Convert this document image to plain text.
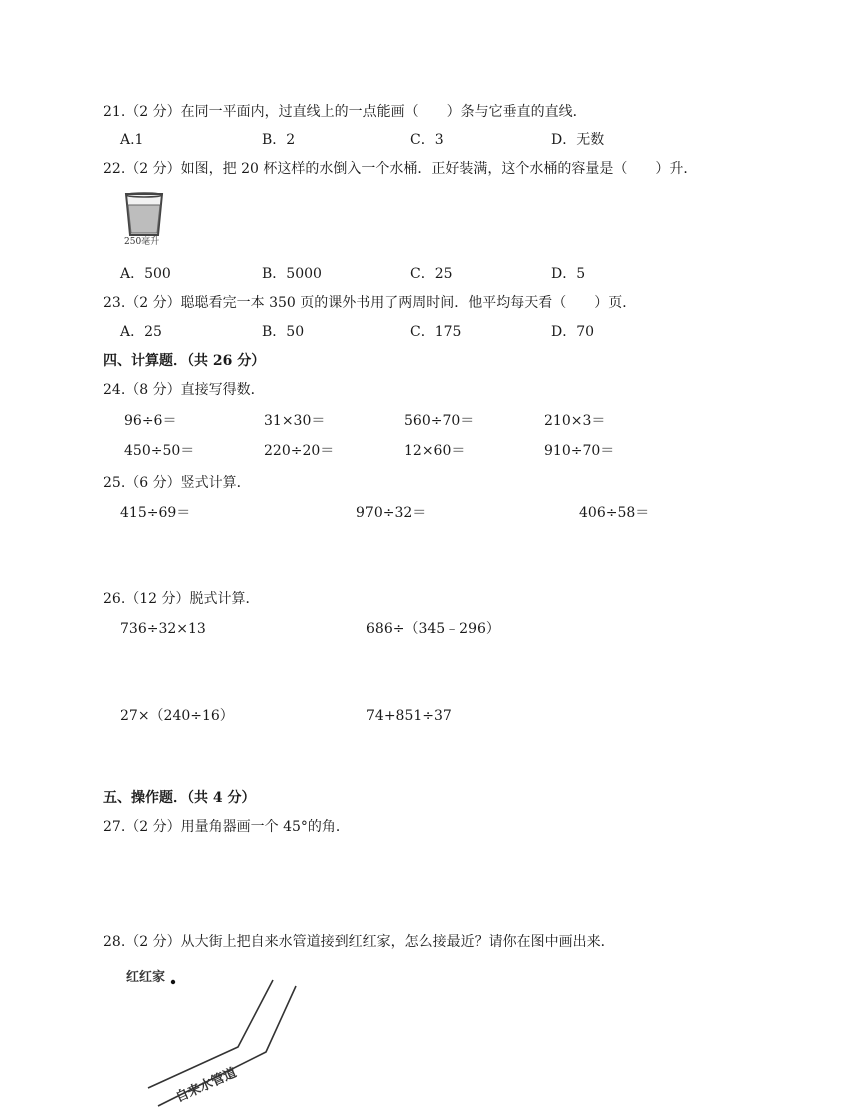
21.（2 分）在同一平面内，过直线上的一点能画（　　）条与它垂直的直线．
A.1	B．2	C．3	D．无数
22.（2 分）如图，把 20 杯这样的水倒入一个水桶．正好装满，这个水桶的容量是（　　）升．
250毫升
A．500	B．5000	C．25	D．5
23.（2 分）聪聪看完一本 350 页的课外书用了两周时间．他平均每天看（　　）页．
A．25	B．50	C．175	D．70
四、计算题．（共 26 分）
24.（8 分）直接写得数．
96÷6＝	31×30＝	560÷70＝	210×3＝
450÷50＝	220÷20＝	12×60＝	910÷70＝
25.（6 分）竖式计算．
415÷69＝	970÷32＝	406÷58＝
26.（12 分）脱式计算．
736÷32×13	686÷（345﹣296）
27×（240÷16）	74+851÷37
五、操作题．（共 4 分）
27.（2 分）用量角器画一个 45°的角．
28.（2 分）从大街上把自来水管道接到红红家，怎么接最近？请你在图中画出来．
红红家
自来水管道
